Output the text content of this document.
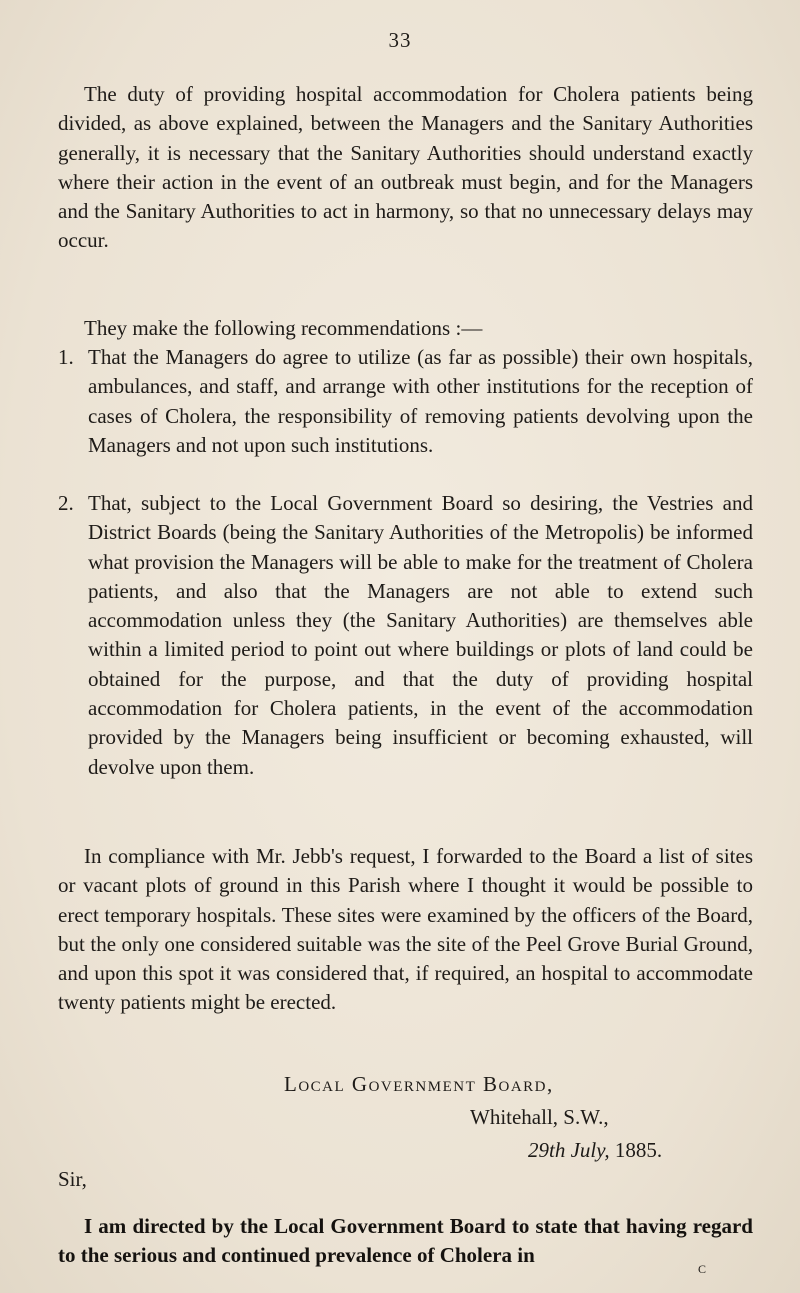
33

The duty of providing hospital accommodation for Cholera patients being divided, as above explained, between the Managers and the Sanitary Authorities generally, it is necessary that the Sanitary Authorities should understand exactly where their action in the event of an outbreak must begin, and for the Managers and the Sanitary Authorities to act in harmony, so that no unnecessary delays may occur.

They make the following recommendations :—

1. That the Managers do agree to utilize (as far as possible) their own hospitals, ambulances, and staff, and arrange with other institutions for the reception of cases of Cholera, the responsibility of removing patients devolving upon the Managers and not upon such institutions.
2. That, subject to the Local Government Board so desiring, the Vestries and District Boards (being the Sanitary Authorities of the Metropolis) be informed what provision the Managers will be able to make for the treatment of Cholera patients, and also that the Managers are not able to extend such accommodation unless they (the Sanitary Authorities) are themselves able within a limited period to point out where buildings or plots of land could be obtained for the purpose, and that the duty of providing hospital accommodation for Cholera patients, in the event of the accommodation provided by the Managers being insufficient or becoming exhausted, will devolve upon them.

In compliance with Mr. Jebb's request, I forwarded to the Board a list of sites or vacant plots of ground in this Parish where I thought it would be possible to erect temporary hospitals. These sites were examined by the officers of the Board, but the only one considered suitable was the site of the Peel Grove Burial Ground, and upon this spot it was considered that, if required, an hospital to accommodate twenty patients might be erected.

Local Government Board,
Whitehall, S.W.,
29th July, 1885.
Sir,

I am directed by the Local Government Board to state that having regard to the serious and continued prevalence of Cholera in

c
